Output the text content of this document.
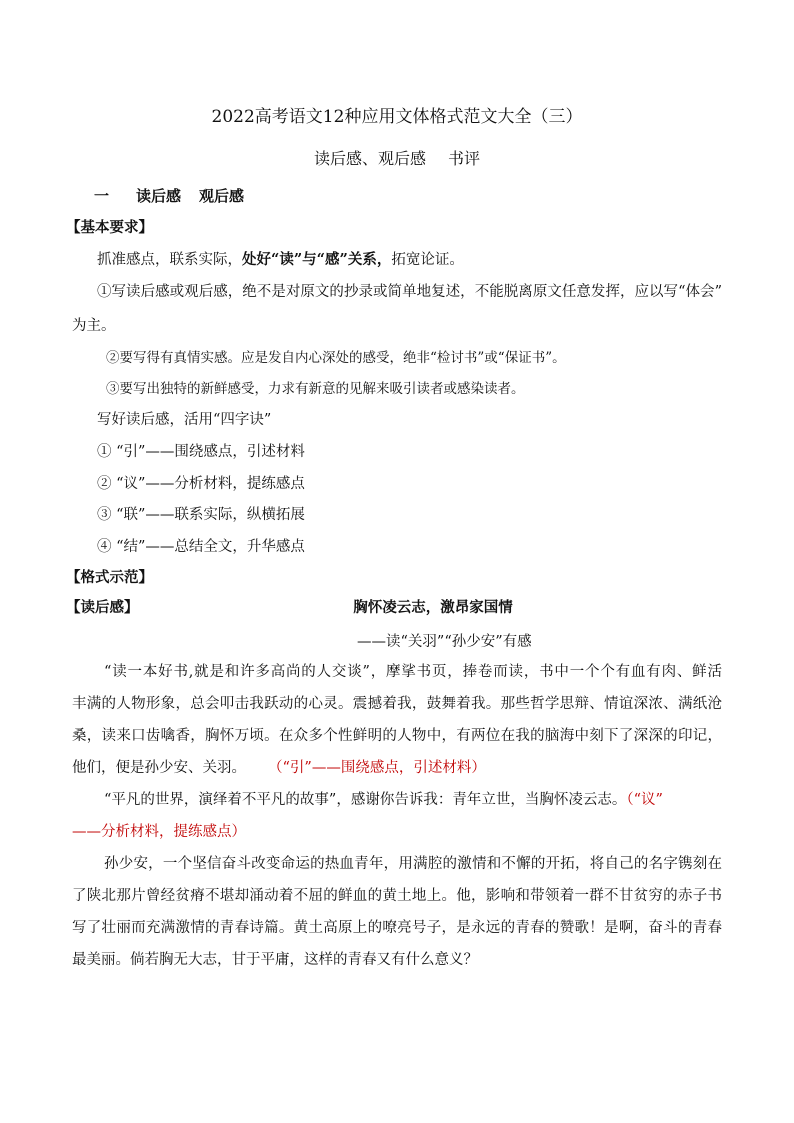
2022高考语文12种应用文体格式范文大全（三）
读后感、观后感 书评
一 读后感 观后感
【基本要求】
抓准感点，联系实际，处好“读”与“感”关系，拓宽论证。
①写读后感或观后感，绝不是对原文的抄录或简单地复述，不能脱离原文任意发挥，应以写“体会”
为主。
②要写得有真情实感。应是发自内心深处的感受，绝非“检讨书”或“保证书”。
③要写出独特的新鲜感受，力求有新意的见解来吸引读者或感染读者。
写好读后感，活用“四字诀”
① “引”——围绕感点，引述材料
② “议”——分析材料，提练感点
③ “联”——联系实际，纵横拓展
④ “结”——总结全文，升华感点
【格式示范】
【读后感】	胸怀凌云志，激昂家国情
——读“关羽”“孙少安”有感
“读一本好书,就是和许多高尚的人交谈”，摩挲书页，捧卷而读，书中一个个有血有肉、鲜活
丰满的人物形象，总会叩击我跃动的心灵。震撼着我，鼓舞着我。那些哲学思辩、情谊深浓、满纸沧
桑，读来口齿噙香，胸怀万顷。在众多个性鲜明的人物中，有两位在我的脑海中刻下了深深的印记，
他们，便是孙少安、关羽。 （“引”——围绕感点，引述材料）
“平凡的世界，演绎着不平凡的故事”，感谢你告诉我：青年立世，当胸怀凌云志。（“议”
——分析材料，提练感点）
孙少安，一个坚信奋斗改变命运的热血青年，用满腔的激情和不懈的开拓，将自己的名字镌刻在
了陕北那片曾经贫瘠不堪却涌动着不屈的鲜血的黄土地上。他，影响和带领着一群不甘贫穷的赤子书
写了壮丽而充满激情的青春诗篇。黄土高原上的嘹亮号子，是永远的青春的赞歌！是啊，奋斗的青春
最美丽。倘若胸无大志，甘于平庸，这样的青春又有什么意义？
